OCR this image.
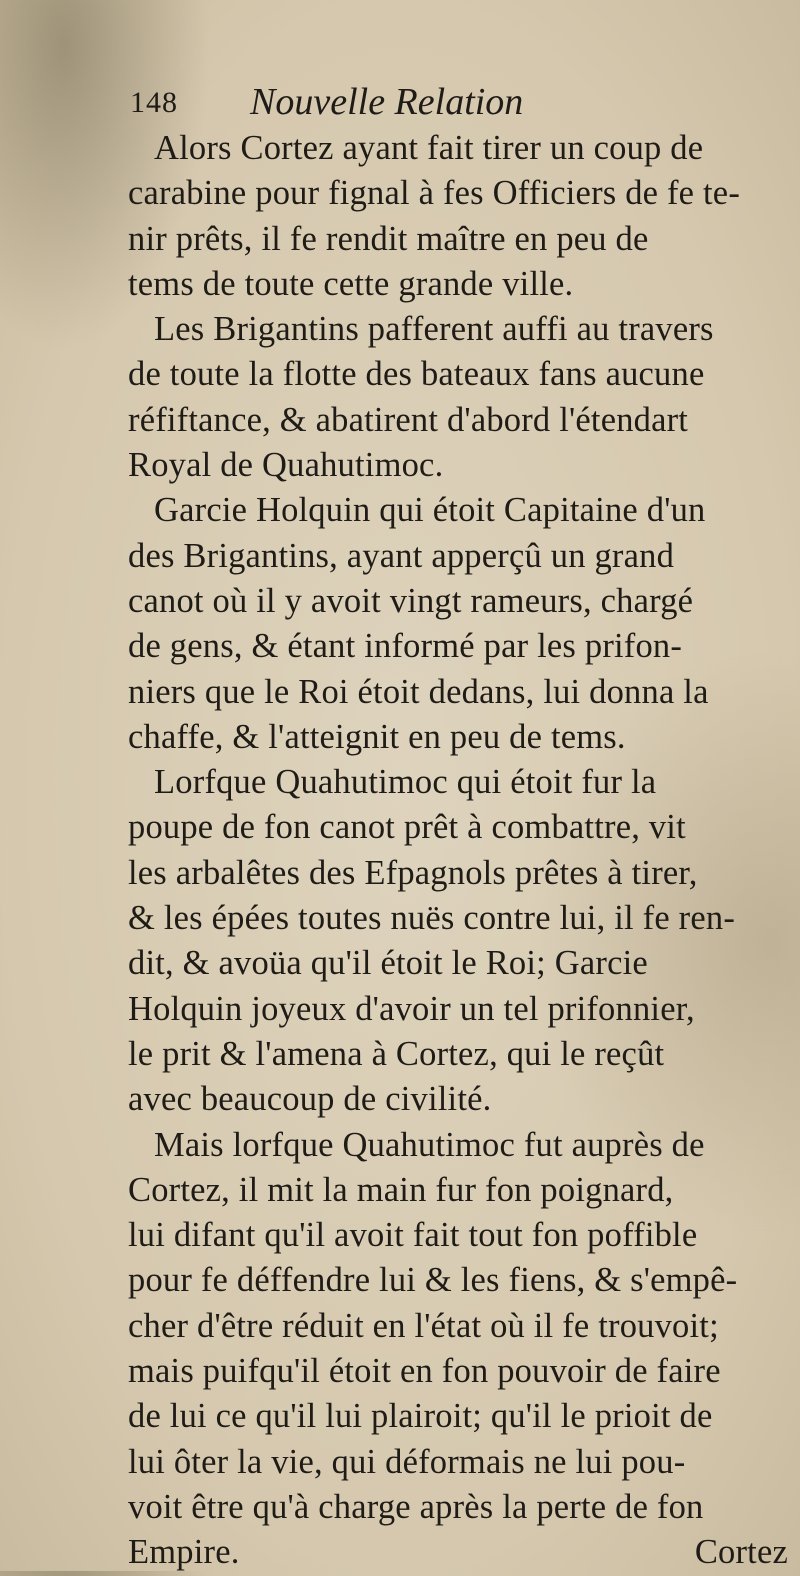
148 Nouvelle Relation
Alors Cortez ayant fait tirer un coup de
carabine pour fignal à fes Officiers de fe te-
nir prêts, il fe rendit maître en peu de
tems de toute cette grande ville.
Les Brigantins pafferent auffi au travers
de toute la flotte des bateaux fans aucune
réfiftance, & abatirent d'abord l'étendart
Royal de Quahutimoc.
Garcie Holquin qui étoit Capitaine d'un
des Brigantins, ayant apperçû un grand
canot où il y avoit vingt rameurs, chargé
de gens, & étant informé par les prifon-
niers que le Roi étoit dedans, lui donna la
chaffe, & l'atteignit en peu de tems.
Lorfque Quahutimoc qui étoit fur la
poupe de fon canot prêt à combattre, vit
les arbalêtes des Efpagnols prêtes à tirer,
& les épées toutes nuës contre lui, il fe ren-
dit, & avoüa qu'il étoit le Roi; Garcie
Holquin joyeux d'avoir un tel prifonnier,
le prit & l'amena à Cortez, qui le reçût
avec beaucoup de civilité.
Mais lorfque Quahutimoc fut auprès de
Cortez, il mit la main fur fon poignard,
lui difant qu'il avoit fait tout fon poffible
pour fe déffendre lui & les fiens, & s'empê-
cher d'être réduit en l'état où il fe trouvoit;
mais puifqu'il étoit en fon pouvoir de faire
de lui ce qu'il lui plairoit; qu'il le prioit de
lui ôter la vie, qui déformais ne lui pou-
voit être qu'à charge après la perte de fon
Empire.	Cortez
